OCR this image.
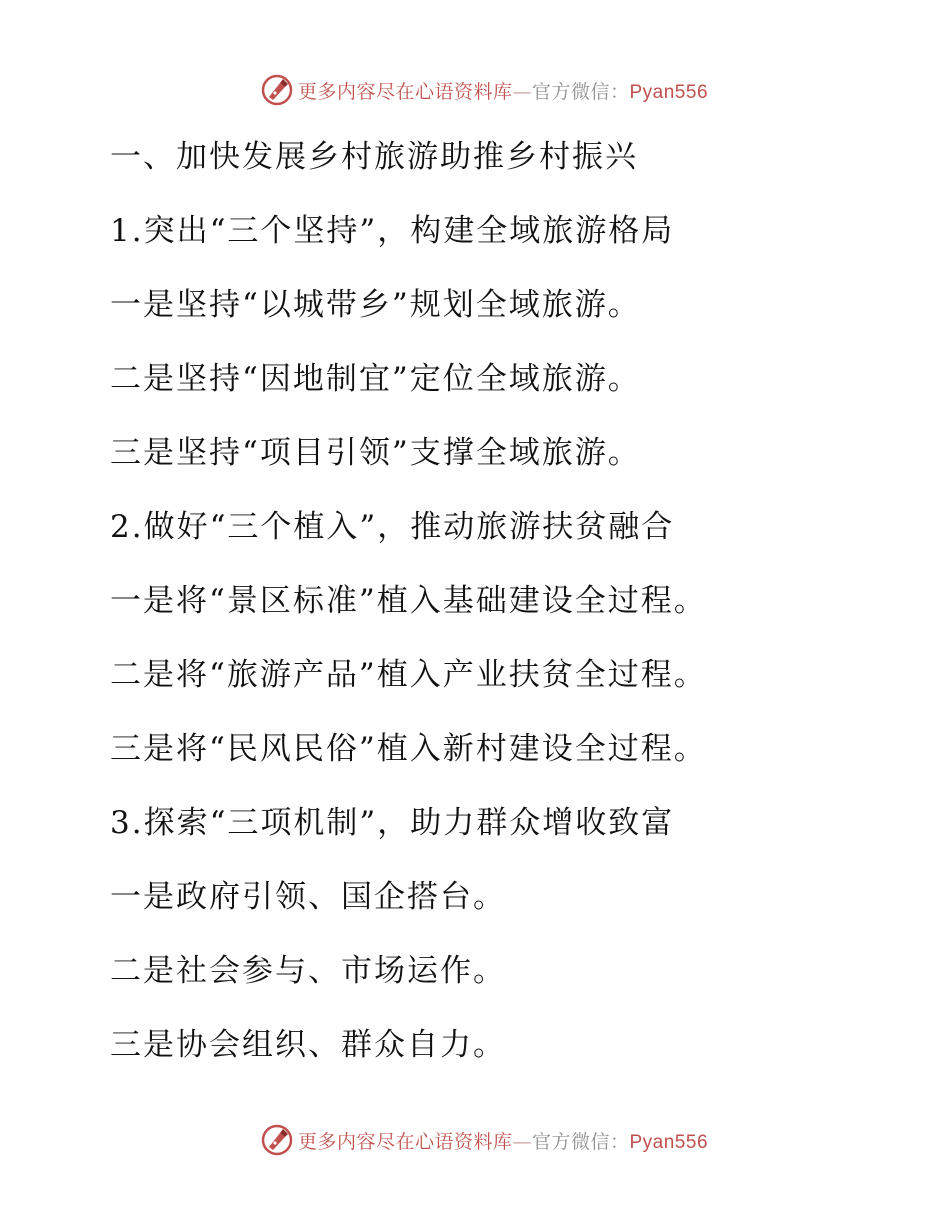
更多内容尽在心语资料库—官方微信：Pyan556
一、加快发展乡村旅游助推乡村振兴
1.突出“三个坚持”，构建全域旅游格局
一是坚持“以城带乡”规划全域旅游。
二是坚持“因地制宜”定位全域旅游。
三是坚持“项目引领”支撑全域旅游。
2.做好“三个植入”，推动旅游扶贫融合
一是将“景区标准”植入基础建设全过程。
二是将“旅游产品”植入产业扶贫全过程。
三是将“民风民俗”植入新村建设全过程。
3.探索“三项机制”，助力群众增收致富
一是政府引领、国企搭台。
二是社会参与、市场运作。
三是协会组织、群众自力。
更多内容尽在心语资料库—官方微信：Pyan556
